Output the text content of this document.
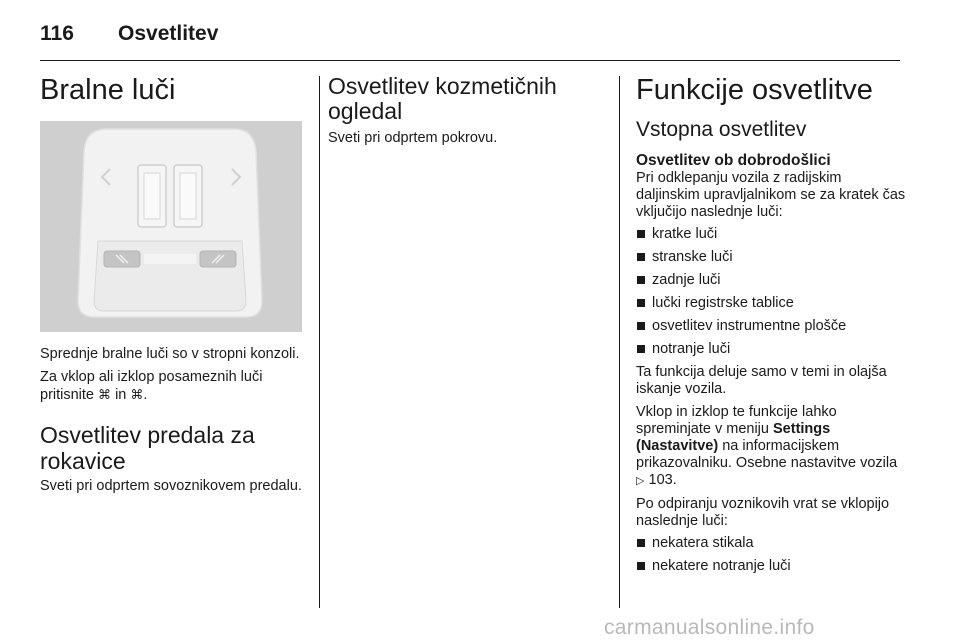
116 Osvetlitev
Bralne luči

Sprednje bralne luči so v stropni konzoli.

Za vklop ali izklop posameznih luči pritisnite ⌘ in ⌘.

Osvetlitev predala za rokavice

Sveti pri odprtem sovoznikovem predalu.

Osvetlitev kozmetičnih ogledal

Sveti pri odprtem pokrovu.

Funkcije osvetlitve
Vstopna osvetlitev
Osvetlitev ob dobrodošlici

Pri odklepanju vozila z radijskim daljinskim upravljalnikom se za kratek čas vključijo naslednje luči:

kratke luči
stranske luči
zadnje luči
lučki registrske tablice
osvetlitev instrumentne plošče
notranje luči

Ta funkcija deluje samo v temi in olajša iskanje vozila.

Vklop in izklop te funkcije lahko spreminjate v meniju Settings (Nastavitve) na informacijskem prikazovalniku. Osebne nastavitve vozila ▷ 103.

Po odpiranju voznikovih vrat se vklopijo naslednje luči:

nekatera stikala
nekatere notranje luči
carmanualsonline.info
